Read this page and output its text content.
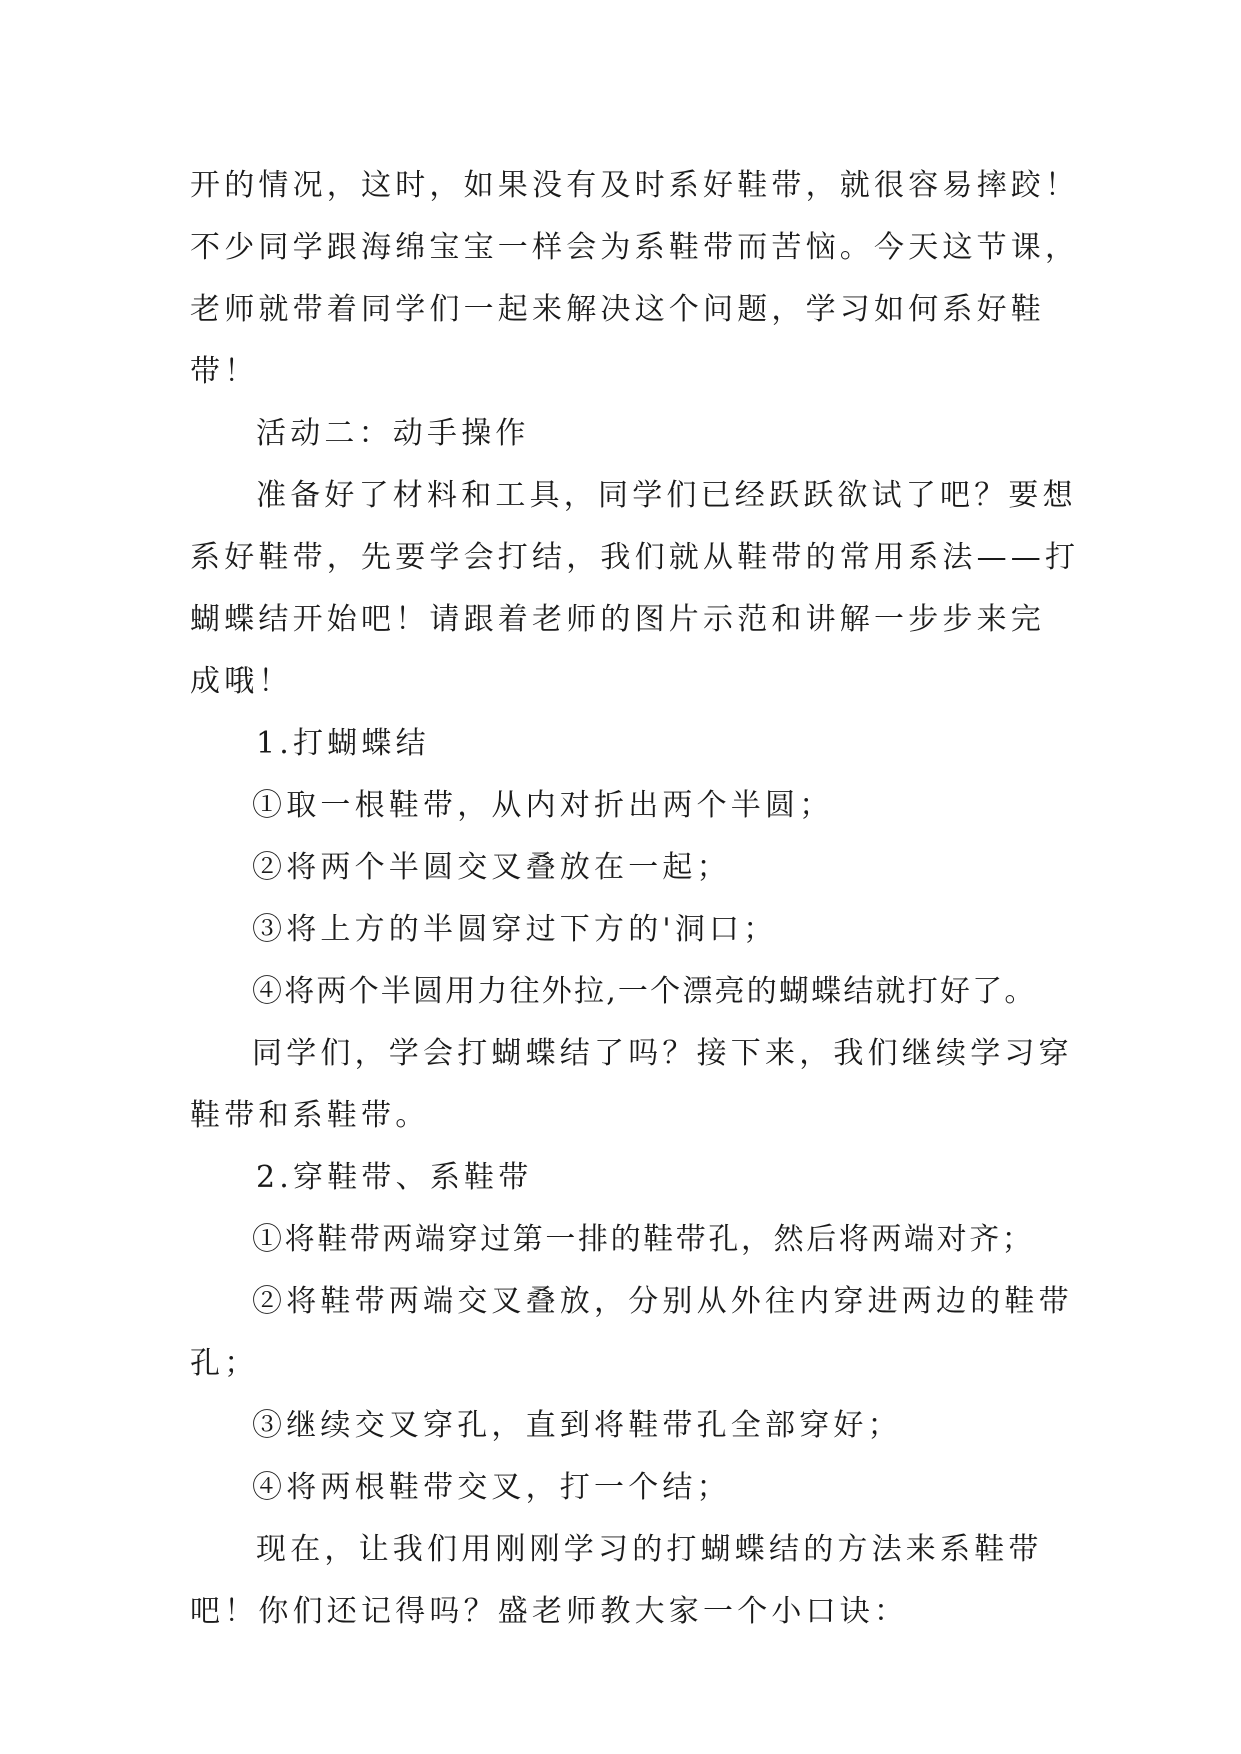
开的情况，这时，如果没有及时系好鞋带，就很容易摔跤！
不少同学跟海绵宝宝一样会为系鞋带而苦恼。今天这节课，
老师就带着同学们一起来解决这个问题，学习如何系好鞋
带！
活动二：动手操作
准备好了材料和工具，同学们已经跃跃欲试了吧？要想
系好鞋带，先要学会打结，我们就从鞋带的常用系法——打
蝴蝶结开始吧！请跟着老师的图片示范和讲解一步步来完
成哦！
1.打蝴蝶结
①取一根鞋带，从内对折出两个半圆；
②将两个半圆交叉叠放在一起；
③将上方的半圆穿过下方的'洞口；
④将两个半圆用力往外拉,一个漂亮的蝴蝶结就打好了。
同学们，学会打蝴蝶结了吗？接下来，我们继续学习穿
鞋带和系鞋带。
2.穿鞋带、系鞋带
①将鞋带两端穿过第一排的鞋带孔，然后将两端对齐；
②将鞋带两端交叉叠放，分别从外往内穿进两边的鞋带
孔；
③继续交叉穿孔，直到将鞋带孔全部穿好；
④将两根鞋带交叉，打一个结；
现在，让我们用刚刚学习的打蝴蝶结的方法来系鞋带
吧！你们还记得吗？盛老师教大家一个小口诀：
